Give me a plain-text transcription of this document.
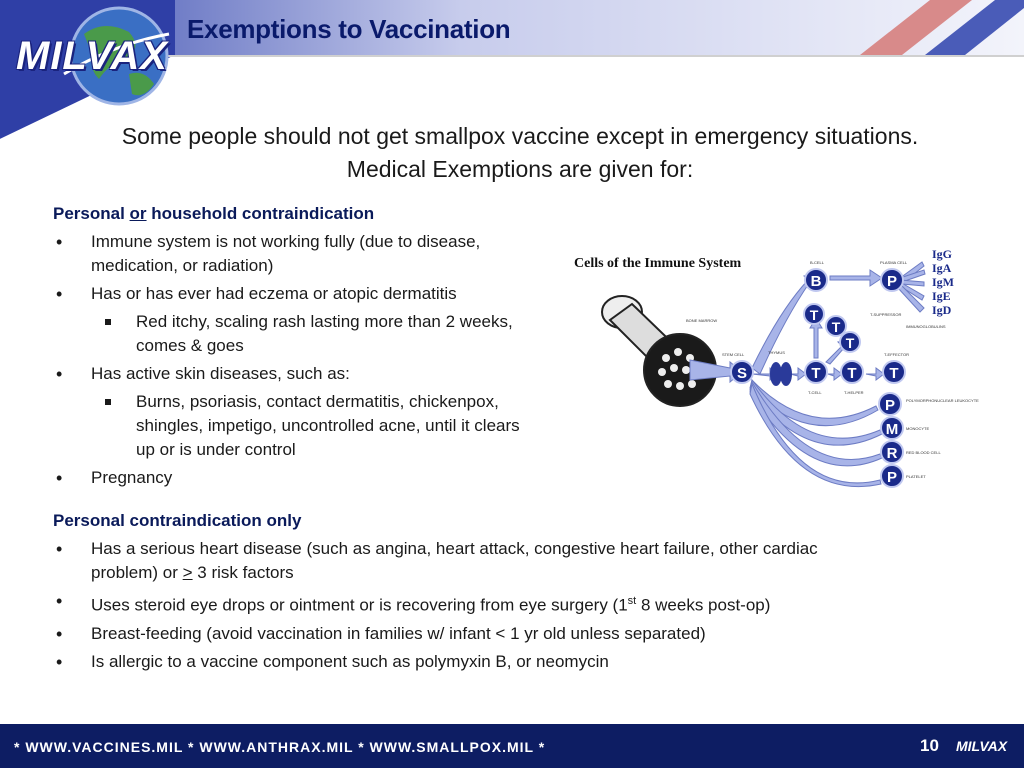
MILVAX
Exemptions to Vaccination
Some people should not get smallpox vaccine except in emergency situations.
Medical Exemptions are given for:
Personal or household contraindication
• Immune system is not working fully (due to disease, medication, or radiation)
• Has or has ever had eczema or atopic dermatitis
Red itchy, scaling rash lasting more than 2 weeks, comes & goes
• Has active skin diseases, such as:
Burns, psoriasis, contact dermatitis, chickenpox, shingles, impetigo, uncontrolled acne, until it clears up or is under control
• Pregnancy
Personal contraindication only
• Has a serious heart disease (such as angina, heart attack, congestive heart failure, other cardiac problem) or > 3 risk factors
• Uses steroid eye drops or ointment or is recovering from eye surgery (1st 8 weeks post-op)
• Breast-feeding (avoid vaccination in families w/ infant < 1 yr old unless separated)
• Is allergic to a vaccine component such as polymyxin B, or neomycin
Cells of the Immune System
S	T T T
T
T
T
B	P
P
M
R
P
IgG
IgA
IgM
IgE
IgD
BONE MARROW
STEM CELL	THYMUS
T-CELL	T-HELPER
B-CELL	PLASMA CELL
T-SUPPRESSOR
IMMUNOGLOBULINS
T-EFFECTOR
POLYMORPHONUCLEAR LEUKOCYTE
MONOCYTE
RED BLOOD CELL
PLATELET
* WWW.VACCINES.MIL * WWW.ANTHRAX.MIL * WWW.SMALLPOX.MIL *	10 MILVAX
